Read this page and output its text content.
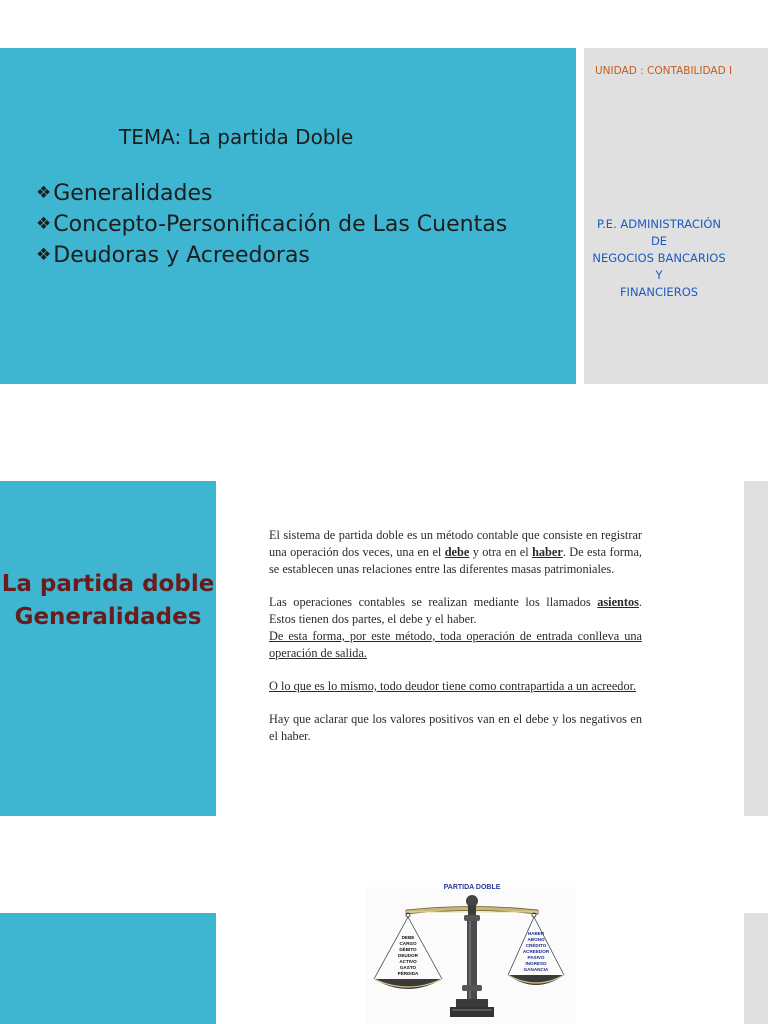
TEMA: La partida Doble
❖Generalidades
❖Concepto-Personificación de Las Cuentas
❖Deudoras y Acreedoras
UNIDAD : CONTABILIDAD I
P.E. ADMINISTRACIÓN
DE
NEGOCIOS BANCARIOS
Y
FINANCIEROS
La partida doble
Generalidades

El sistema de partida doble es un método contable que consiste en registrar una operación dos veces, una en el debe y otra en el haber. De esta forma, se establecen unas relaciones entre las diferentes masas patrimoniales.

Las operaciones contables se realizan mediante los llamados asientos. Estos tienen dos partes, el debe y el haber.

De esta forma, por este método, toda operación de entrada conlleva una operación de salida.

O lo que es lo mismo, todo deudor tiene como contrapartida a un acreedor.

Hay que aclarar que los valores positivos van en el debe y los negativos en el haber.

PARTIDA DOBLE
DEBE
CARGO
DÉBITO
DEUDOR
ACTIVO
GASTO
PÉRDIDA
HABER
ABONO
CRÉDITO
ACREEDOR
PASIVO
INGRESO
GANANCIA
